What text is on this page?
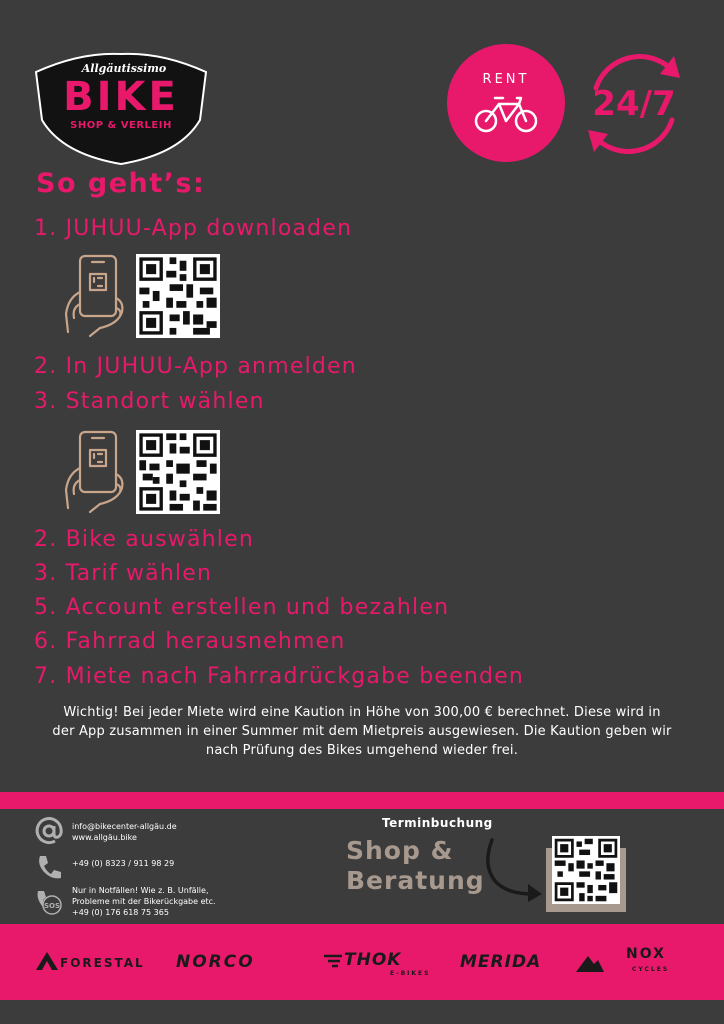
Allgäutissimo
BIKE
SHOP & VERLEIH
RENT
24/7
So geht’s:
1. JUHUU-App downloaden
2. In JUHUU-App anmelden
3. Standort wählen
2. Bike auswählen
3. Tarif wählen
5. Account erstellen und bezahlen
6. Fahrrad herausnehmen
7. Miete nach Fahrradrückgabe beenden
Wichtig! Bei jeder Miete wird eine Kaution in Höhe von 300,00 € berechnet. Diese wird in der App zusammen in einer Summer mit dem Mietpreis ausgewiesen. Die Kaution geben wir nach Prüfung des Bikes umgehend wieder frei.
info@bikecenter-allgäu.de
www.allgäu.bike
+49 (0) 8323 / 911 98 29
SOS
Nur in Notfällen! Wie z. B. Unfälle,
Probleme mit der Bikerückgabe etc.
+49 (0) 176 618 75 365
Terminbuchung
Shop &
Beratung
FORESTAL NORCO	THOK
E-BIKES
MERIDA	NOX
CYCLES
